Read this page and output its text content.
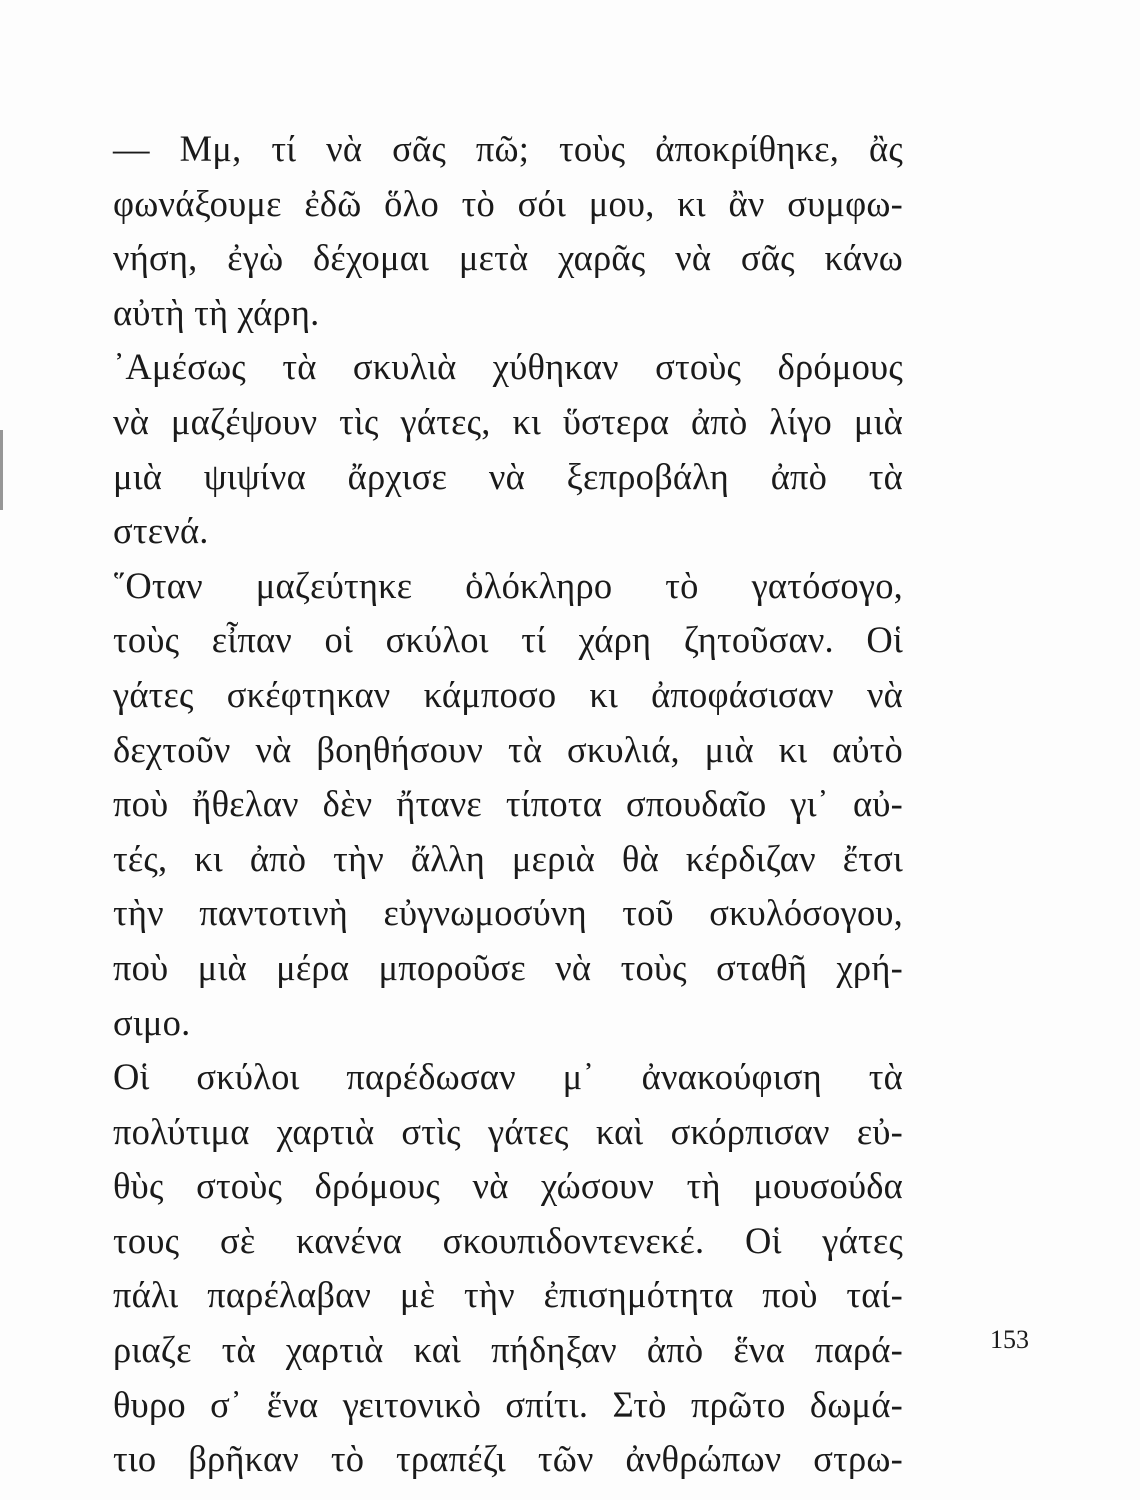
— Μμ, τί νὰ σᾶς πῶ; τοὺς ἀποκρίθηκε, ἂς
φωνάξουμε ἐδῶ ὅλο τὸ σόι μου, κι ἂν συμφω-
νήση, ἐγὼ δέχομαι μετὰ χαρᾶς νὰ σᾶς κάνω
αὐτὴ τὴ χάρη.
᾽Αμέσως τὰ σκυλιὰ χύθηκαν στοὺς δρόμους
νὰ μαζέψουν τὶς γάτες, κι ὕστερα ἀπὸ λίγο μιὰ
μιὰ ψιψίνα ἄρχισε νὰ ξεπροβάλη ἀπὸ τὰ
στενά.
῞Οταν μαζεύτηκε ὁλόκληρο τὸ γατόσογο,
τοὺς εἶπαν οἱ σκύλοι τί χάρη ζητοῦσαν. Οἱ
γάτες σκέφτηκαν κάμποσο κι ἀποφάσισαν νὰ
δεχτοῦν νὰ βοηθήσουν τὰ σκυλιά, μιὰ κι αὐτὸ
ποὺ ἤθελαν δὲν ἤτανε τίποτα σπουδαῖο γι᾽ αὐ-
τές, κι ἀπὸ τὴν ἄλλη μεριὰ θὰ κέρδιζαν ἔτσι
τὴν παντοτινὴ εὐγνωμοσύνη τοῦ σκυλόσογου,
ποὺ μιὰ μέρα μποροῦσε νὰ τοὺς σταθῆ χρή-
σιμο.
Οἱ σκύλοι παρέδωσαν μ᾽ ἀνακούφιση τὰ
πολύτιμα χαρτιὰ στὶς γάτες καὶ σκόρπισαν εὐ-
θὺς στοὺς δρόμους νὰ χώσουν τὴ μουσούδα
τους σὲ κανένα σκουπιδοντενεκέ. Οἱ γάτες
πάλι παρέλαβαν μὲ τὴν ἐπισημότητα ποὺ ταί-
ριαζε τὰ χαρτιὰ καὶ πήδηξαν ἀπὸ ἕνα παρά-
θυρο σ᾽ ἕνα γειτονικὸ σπίτι. Στὸ πρῶτο δωμά-
τιο βρῆκαν τὸ τραπέζι τῶν ἀνθρώπων στρω-
153
